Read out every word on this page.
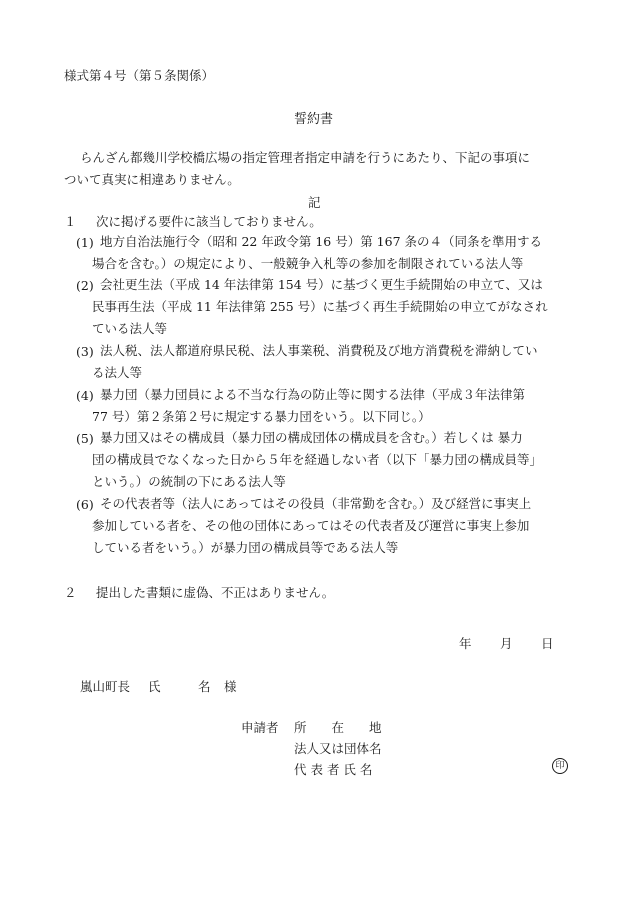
様式第４号（第５条関係）
誓約書
らんざん都幾川学校橋広場の指定管理者指定申請を行うにあたり、下記の事項に
ついて真実に相違ありません。
記
１ 次に掲げる要件に該当しておりません。
(1) 地方自治法施行令（昭和 22 年政令第 16 号）第 167 条の４（同条を準用する
場合を含む。）の規定により、一般競争入札等の参加を制限されている法人等
(2) 会社更生法（平成 14 年法律第 154 号）に基づく更生手続開始の申立て、又は
民事再生法（平成 11 年法律第 255 号）に基づく再生手続開始の申立てがなされ
ている法人等
(3) 法人税、法人都道府県民税、法人事業税、消費税及び地方消費税を滞納してい
る法人等
(4) 暴力団（暴力団員による不当な行為の防止等に関する法律（平成３年法律第
77 号）第２条第２号に規定する暴力団をいう。以下同じ。）
(5) 暴力団又はその構成員（暴力団の構成団体の構成員を含む。）若しくは 暴力
団の構成員でなくなった日から５年を経過しない者（以下「暴力団の構成員等」
という。）の統制の下にある法人等
(6) その代表者等（法人にあってはその役員（非常勤を含む。）及び経営に事実上
参加している者を、その他の団体にあってはその代表者及び運営に事実上参加
している者をいう。）が暴力団の構成員等である法人等
２ 提出した書類に虚偽、不正はありません。
年 月 日
嵐山町長 氏	名 様
申請者 所　　在　　地
法人又は団体名
代 表 者 氏 名	印
